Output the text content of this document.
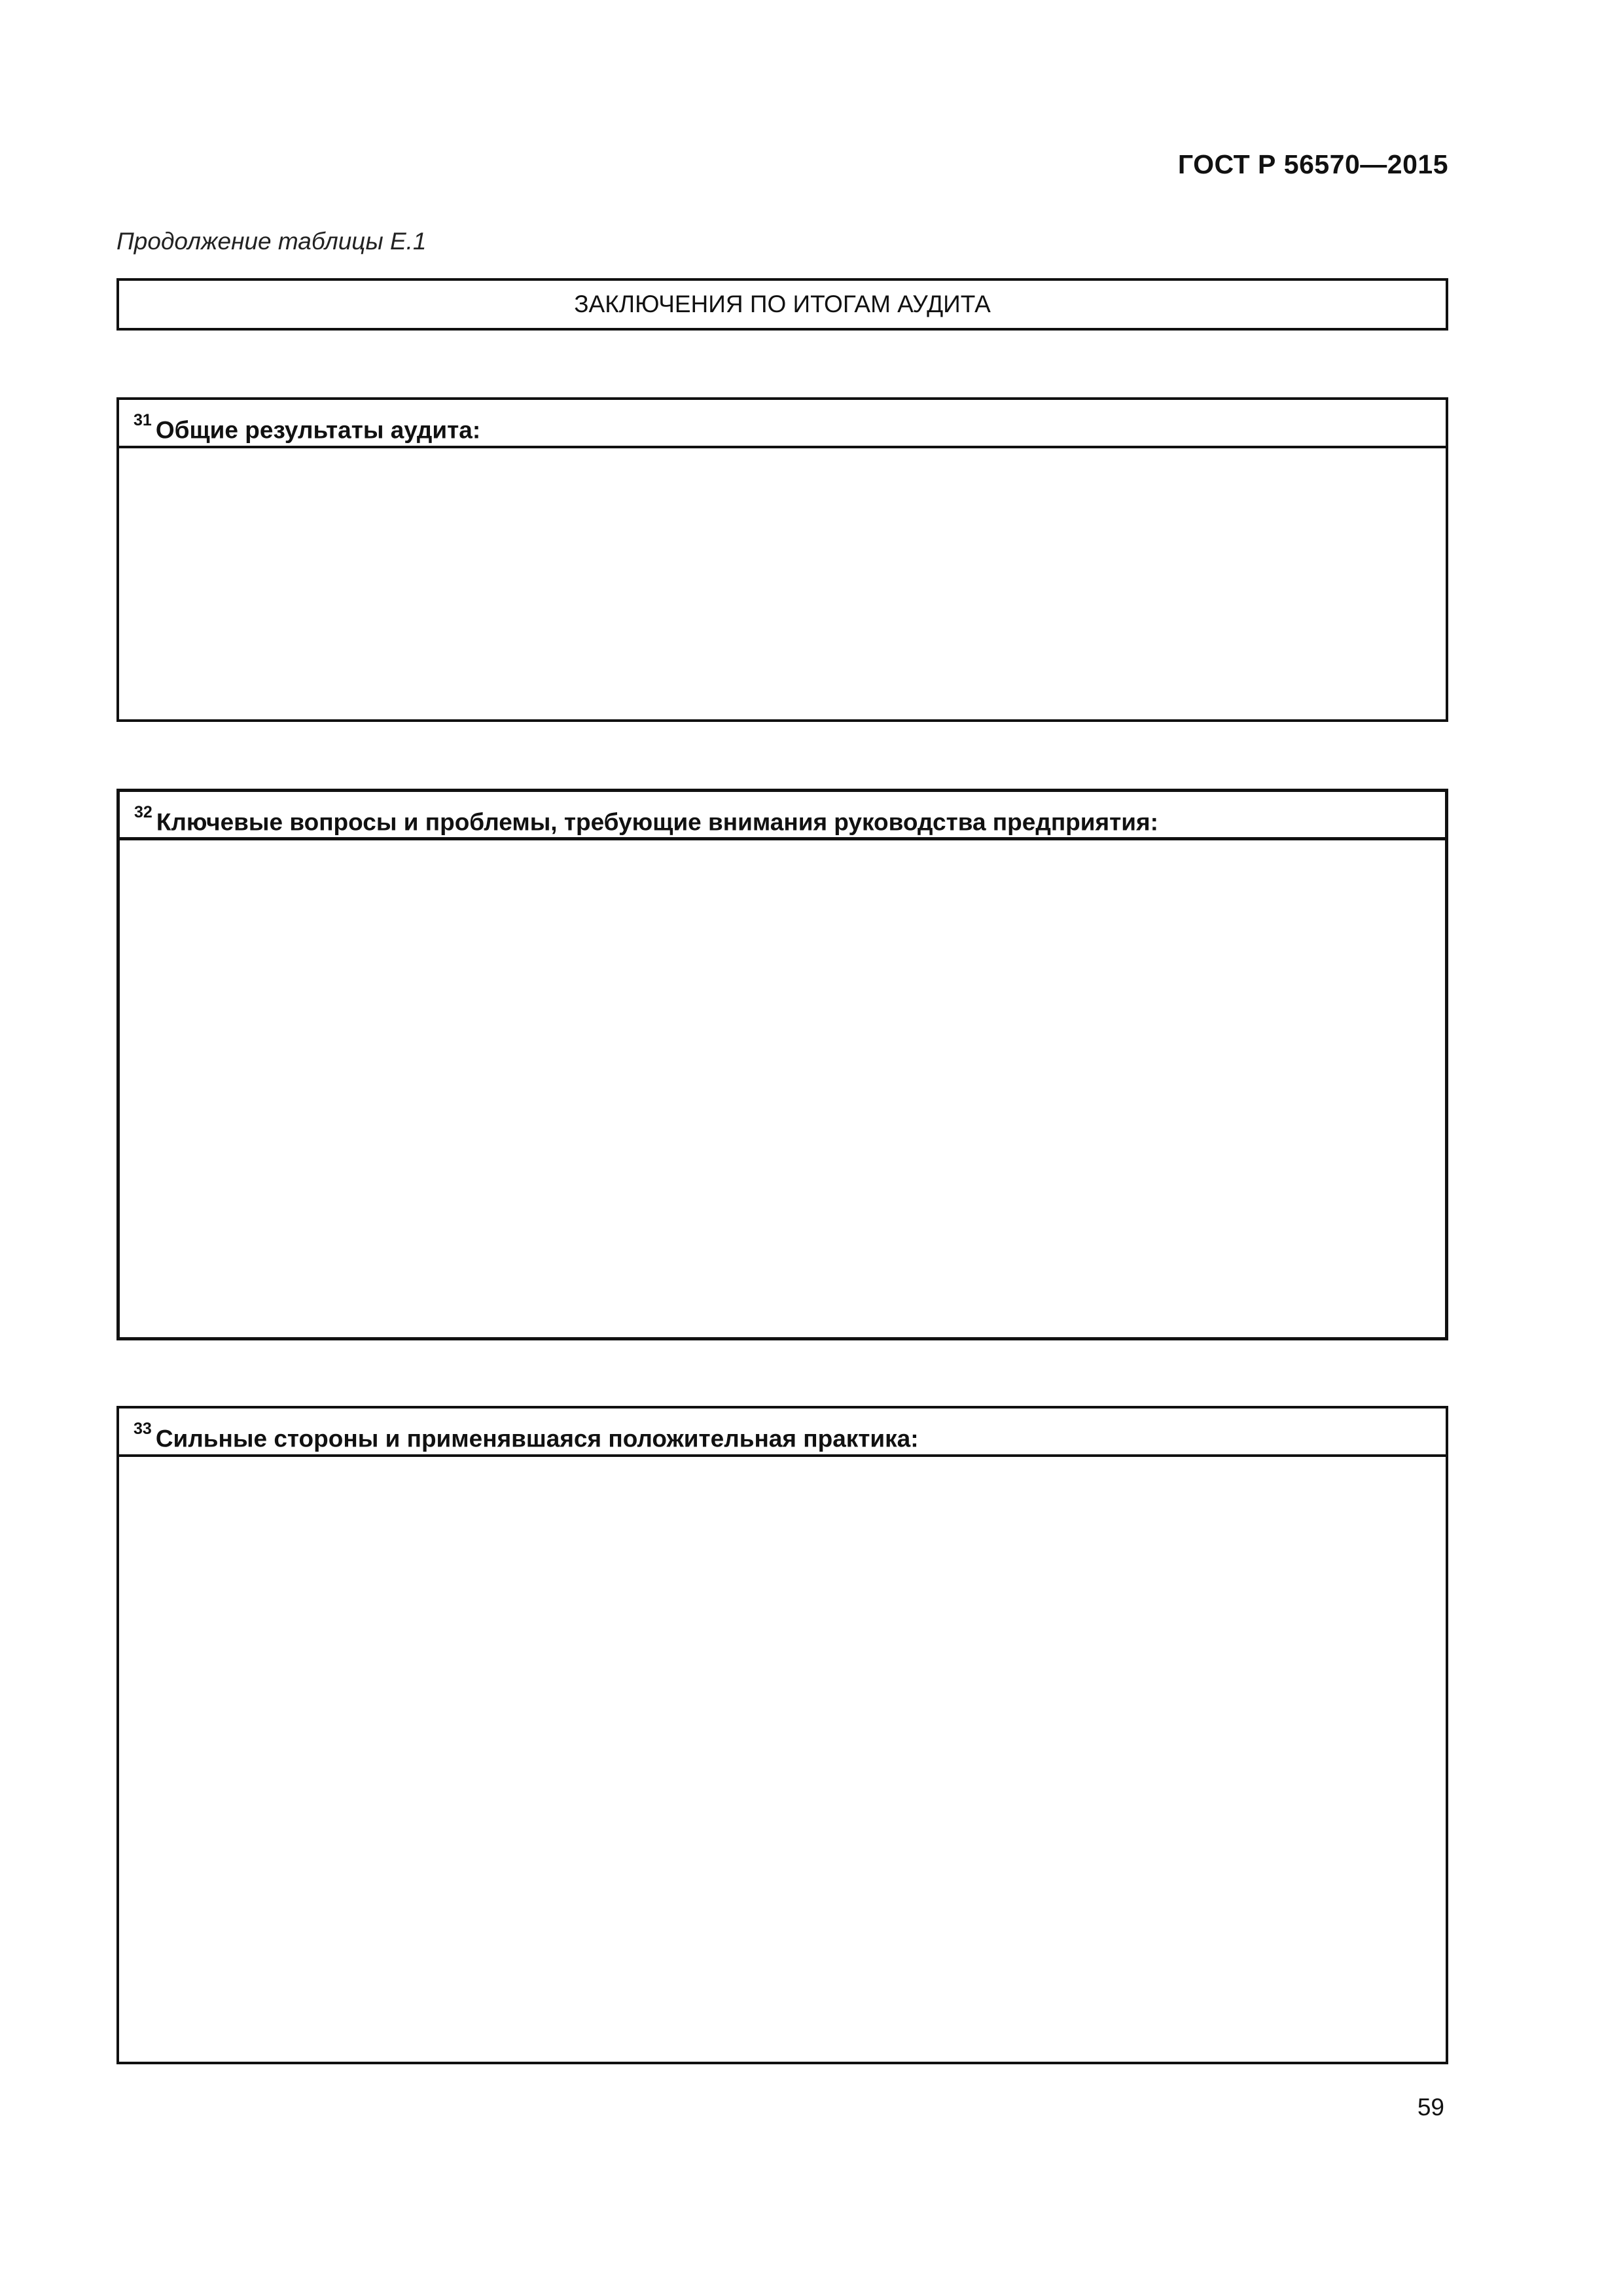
ГОСТ Р 56570—2015
Продолжение таблицы Е.1
ЗАКЛЮЧЕНИЯ ПО ИТОГАМ АУДИТА
$^{31}$ Общие результаты аудита:
$^{32}$ Ключевые вопросы и проблемы, требующие внимания руководства предприятия:
$^{33}$ Сильные стороны и применявшаяся положительная практика:
59
